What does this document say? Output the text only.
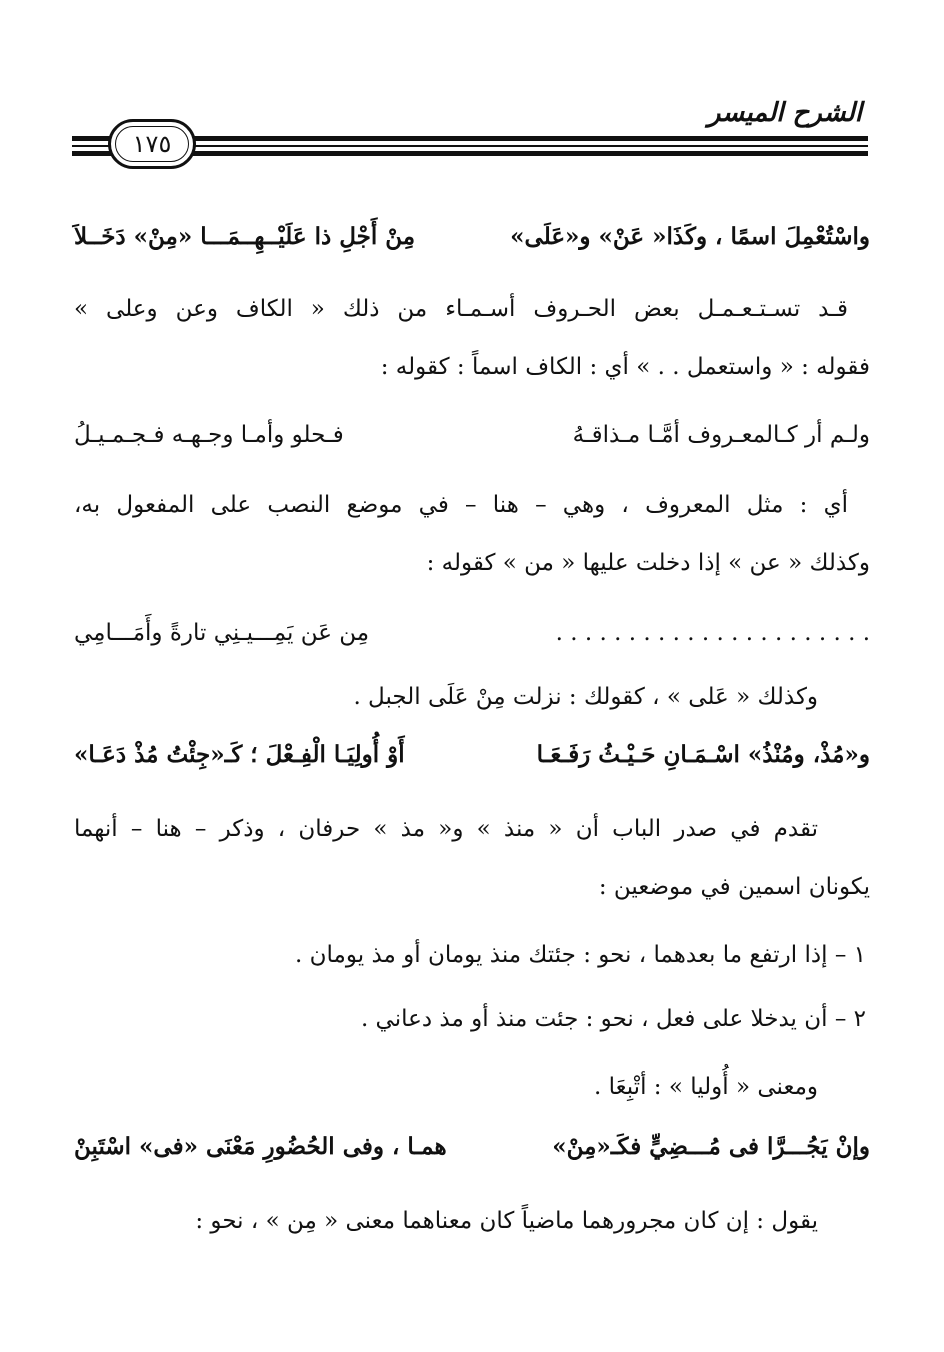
الشرح الميسر
١٧٥
واسْتُعْمِلَ اسمًا ، وكَذَا« عَنْ» و«عَلَى»
مِنْ أَجْلِ ذا عَلَيْــهِــمَـــا «مِنْ» دَخَــلاَ
قـد تسـتـعـمـل بعض الحـروف أسـمـاء من ذلك « الكاف وعن وعلى »
فقوله : « واستعمل . . » أي : الكاف اسماً : كقوله :
ولـم أر كـالمعـروف أمَّـا مـذاقـهُ
فـحلو وأمـا وجـهـه فـجـمـيـلُ
أي : مثل المعروف ، وهي – هنا – في موضع النصب على المفعول به،
وكذلك « عن » إذا دخلت عليها « من » كقوله :
. . . . . . . . . . . . . . . . . . . . . .
مِن عَن يَمِـــيـنِي تارةً وأَمَـــامِي
وكذلك « عَلى » ، كقولك : نزلت مِنْ عَلَى الجبل .
و«مُذْ، ومُنْذُ» اسْـمَـانِ حَـيْـثُ رَفَـعَـا
أَوْ أُولِيَـا الْفِـعْلَ ؛ كَـ«جِئْتُ مُذْ دَعَـا»
تقدم في صدر الباب أن « منذ » و« مذ » حرفان ، وذكر – هنا – أنهما
يكونان اسمين في موضعين :
١ – إذا ارتفع ما بعدهما ، نحو : جئتك منذ يومان أو مذ يومان .
٢ – أن يدخلا على فعل ، نحو : جئت منذ أو مذ دعاني .
ومعنى « أُوليا » : أتْبِعَا .
وإنْ يَجُـــرَّا فى مُـــضِيٍّ فكَـ«مِنْ»
همـا ، وفى الحُضُورِ مَعْنَى «فى» اسْتَبِنْ
يقول : إن كان مجرورهما ماضياً كان معناهما معنى « مِن » ، نحو :
